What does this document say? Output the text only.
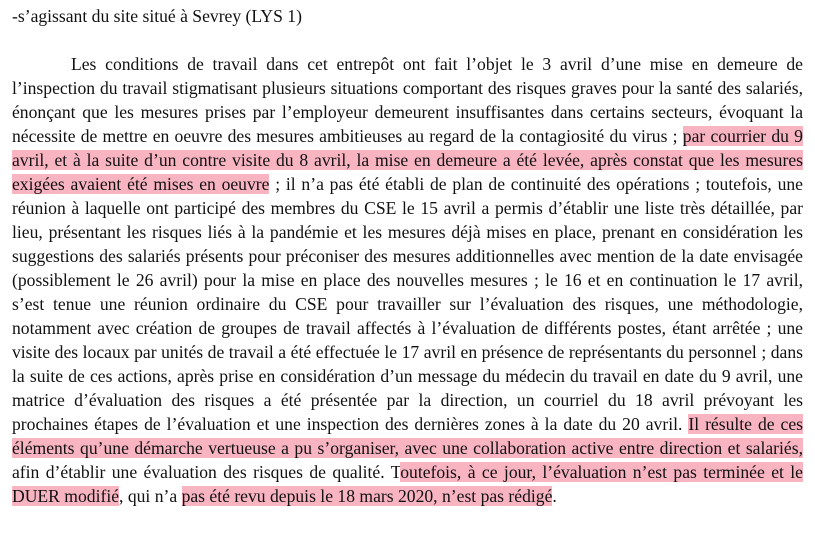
-s’agissant du site situé à Sevrey (LYS 1)

Les conditions de travail dans cet entrepôt ont fait l’objet le 3 avril d’une mise en demeure de l’inspection du travail stigmatisant plusieurs situations comportant des risques graves pour la santé des salariés, énonçant que les mesures prises par l’employeur demeurent insuffisantes dans certains secteurs, évoquant la nécessite de mettre en oeuvre des mesures ambitieuses au regard de la contagiosité du virus ; par courrier du 9 avril, et à la suite d’un contre visite du 8 avril, la mise en demeure a été levée, après constat que les mesures exigées avaient été mises en oeuvre ; il n’a pas été établi de plan de continuité des opérations ; toutefois, une réunion à laquelle ont participé des membres du CSE le 15 avril a permis d’établir une liste très détaillée, par lieu, présentant les risques liés à la pandémie et les mesures déjà mises en place, prenant en considération les suggestions des salariés présents pour préconiser des mesures additionnelles avec mention de la date envisagée (possiblement le 26 avril) pour la mise en place des nouvelles mesures ; le 16 et en continuation le 17 avril, s’est tenue une réunion ordinaire du CSE pour travailler sur l’évaluation des risques, une méthodologie, notamment avec création de groupes de travail affectés à l’évaluation de différents postes, étant arrêtée ; une visite des locaux par unités de travail a été effectuée le 17 avril en présence de représentants du personnel ; dans la suite de ces actions, après prise en considération d’un message du médecin du travail en date du 9 avril, une matrice d’évaluation des risques a été présentée par la direction, un courriel du 18 avril prévoyant les prochaines étapes de l’évaluation et une inspection des dernières zones à la date du 20 avril. Il résulte de ces éléments qu’une démarche vertueuse a pu s’organiser, avec une collaboration active entre direction et salariés, afin d’établir une évaluation des risques de qualité. Toutefois, à ce jour, l’évaluation n’est pas terminée et le DUER modifié, qui n’a pas été revu depuis le 18 mars 2020, n’est pas rédigé.
